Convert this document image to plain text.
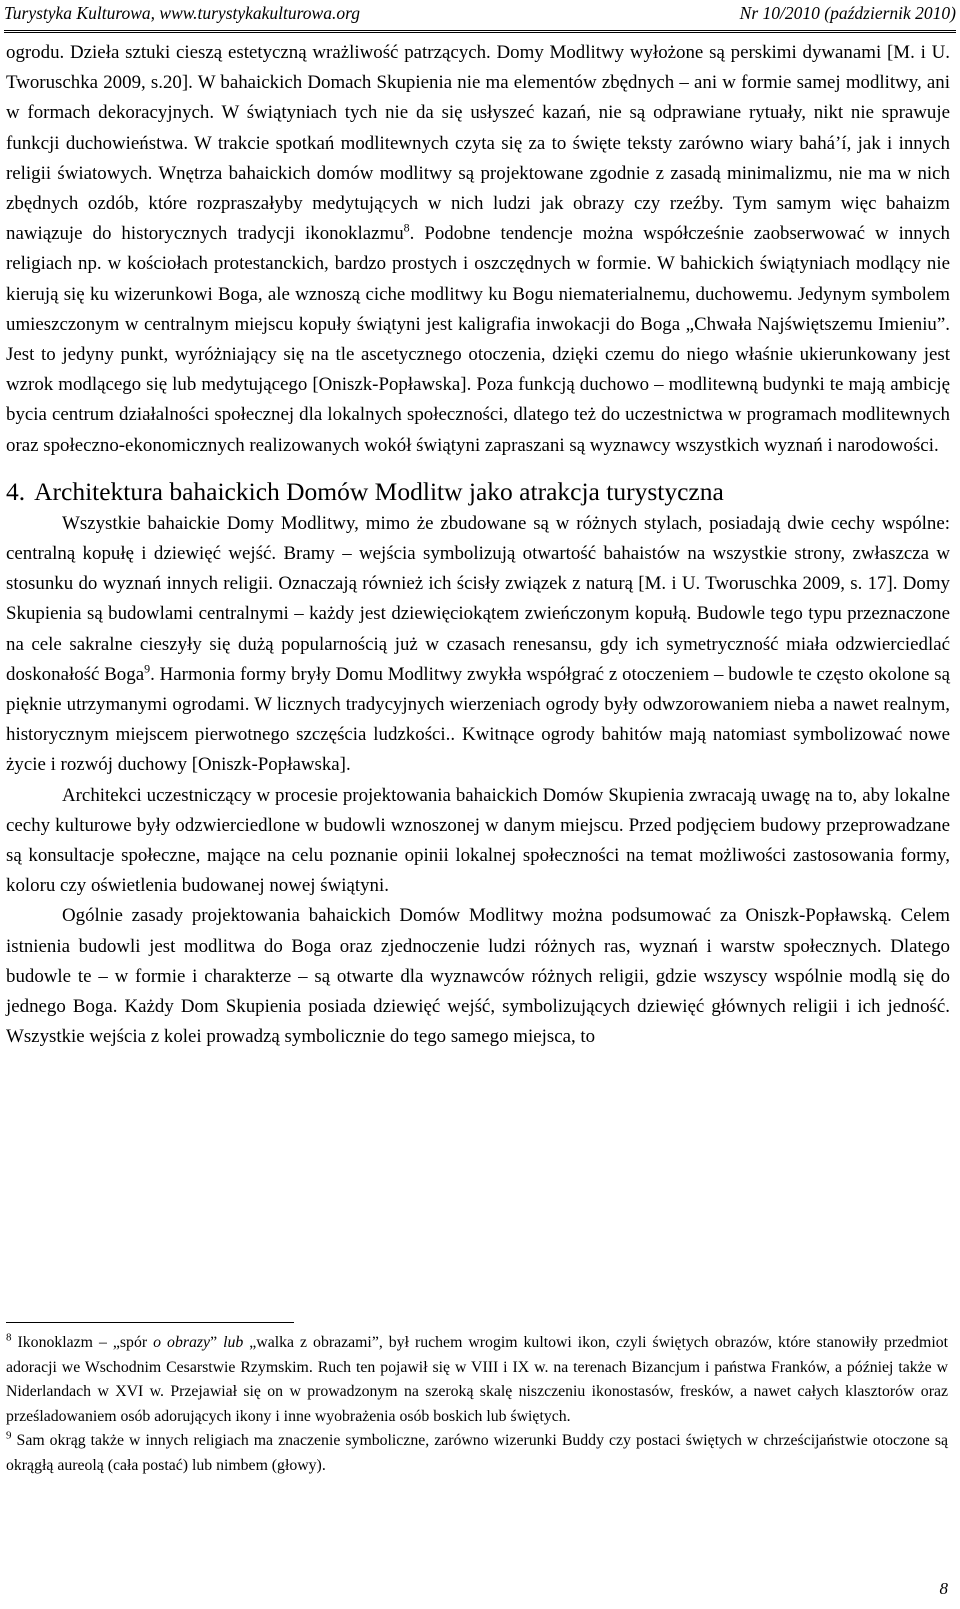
Turystyka Kulturowa, www.turystykakulturowa.org	Nr 10/2010 (październik 2010)

ogrodu. Dzieła sztuki cieszą estetyczną wrażliwość patrzących. Domy Modlitwy wyłożone są perskimi dywanami [M. i U. Tworuschka 2009, s.20]. W bahaickich Domach Skupienia nie ma elementów zbędnych – ani w formie samej modlitwy, ani w formach dekoracyjnych. W świątyniach tych nie da się usłyszeć kazań, nie są odprawiane rytuały, nikt nie sprawuje funkcji duchowieństwa. W trakcie spotkań modlitewnych czyta się za to święte teksty zarówno wiary bahá’í, jak i innych religii światowych. Wnętrza bahaickich domów modlitwy są projektowane zgodnie z zasadą minimalizmu, nie ma w nich zbędnych ozdób, które rozpraszałyby medytujących w nich ludzi jak obrazy czy rzeźby. Tym samym więc bahaizm nawiązuje do historycznych tradycji ikonoklazmu$^8$. Podobne tendencje można współcześnie zaobserwować w innych religiach np. w kościołach protestanckich, bardzo prostych i oszczędnych w formie. W bahickich świątyniach modlący nie kierują się ku wizerunkowi Boga, ale wznoszą ciche modlitwy ku Bogu niematerialnemu, duchowemu. Jedynym symbolem umieszczonym w centralnym miejscu kopuły świątyni jest kaligrafia inwokacji do Boga „Chwała Najświętszemu Imieniu”. Jest to jedyny punkt, wyróżniający się na tle ascetycznego otoczenia, dzięki czemu do niego właśnie ukierunkowany jest wzrok modlącego się lub medytującego [Oniszk-Popławska]. Poza funkcją duchowo – modlitewną budynki te mają ambicję bycia centrum działalności społecznej dla lokalnych społeczności, dlatego też do uczestnictwa w programach modlitewnych oraz społeczno-ekonomicznych realizowanych wokół świątyni zapraszani są wyznawcy wszystkich wyznań i narodowości.

4. Architektura bahaickich Domów Modlitw jako atrakcja turystyczna

Wszystkie bahaickie Domy Modlitwy, mimo że zbudowane są w różnych stylach, posiadają dwie cechy wspólne: centralną kopułę i dziewięć wejść. Bramy – wejścia symbolizują otwartość bahaistów na wszystkie strony, zwłaszcza w stosunku do wyznań innych religii. Oznaczają również ich ścisły związek z naturą [M. i U. Tworuschka 2009, s. 17]. Domy Skupienia są budowlami centralnymi – każdy jest dziewięciokątem zwieńczonym kopułą. Budowle tego typu przeznaczone na cele sakralne cieszyły się dużą popularnością już w czasach renesansu, gdy ich symetryczność miała odzwierciedlać doskonałość Boga$^9$. Harmonia formy bryły Domu Modlitwy zwykła współgrać z otoczeniem – budowle te często okolone są pięknie utrzymanymi ogrodami. W licznych tradycyjnych wierzeniach ogrody były odwzorowaniem nieba a nawet realnym, historycznym miejscem pierwotnego szczęścia ludzkości.. Kwitnące ogrody bahitów mają natomiast symbolizować nowe życie i rozwój duchowy [Oniszk-Popławska].

Architekci uczestniczący w procesie projektowania bahaickich Domów Skupienia zwracają uwagę na to, aby lokalne cechy kulturowe były odzwierciedlone w budowli wznoszonej w danym miejscu. Przed podjęciem budowy przeprowadzane są konsultacje społeczne, mające na celu poznanie opinii lokalnej społeczności na temat możliwości zastosowania formy, koloru czy oświetlenia budowanej nowej świątyni.

Ogólnie zasady projektowania bahaickich Domów Modlitwy można podsumować za Oniszk-Popławską. Celem istnienia budowli jest modlitwa do Boga oraz zjednoczenie ludzi różnych ras, wyznań i warstw społecznych. Dlatego budowle te – w formie i charakterze – są otwarte dla wyznawców różnych religii, gdzie wszyscy wspólnie modlą się do jednego Boga. Każdy Dom Skupienia posiada dziewięć wejść, symbolizujących dziewięć głównych religii i ich jedność. Wszystkie wejścia z kolei prowadzą symbolicznie do tego samego miejsca, to

$^8$ Ikonoklazm – „spór o obrazy” lub „walka z obrazami”, był ruchem wrogim kultowi ikon, czyli świętych obrazów, które stanowiły przedmiot adoracji we Wschodnim Cesarstwie Rzymskim. Ruch ten pojawił się w VIII i IX w. na terenach Bizancjum i państwa Franków, a później także w Niderlandach w XVI w. Przejawiał się on w prowadzonym na szeroką skalę niszczeniu ikonostasów, fresków, a nawet całych klasztorów oraz prześladowaniem osób adorujących ikony i inne wyobrażenia osób boskich lub świętych.

$^9$ Sam okrąg także w innych religiach ma znaczenie symboliczne, zarówno wizerunki Buddy czy postaci świętych w chrześcijaństwie otoczone są okrągłą aureolą (cała postać) lub nimbem (głowy).

8
